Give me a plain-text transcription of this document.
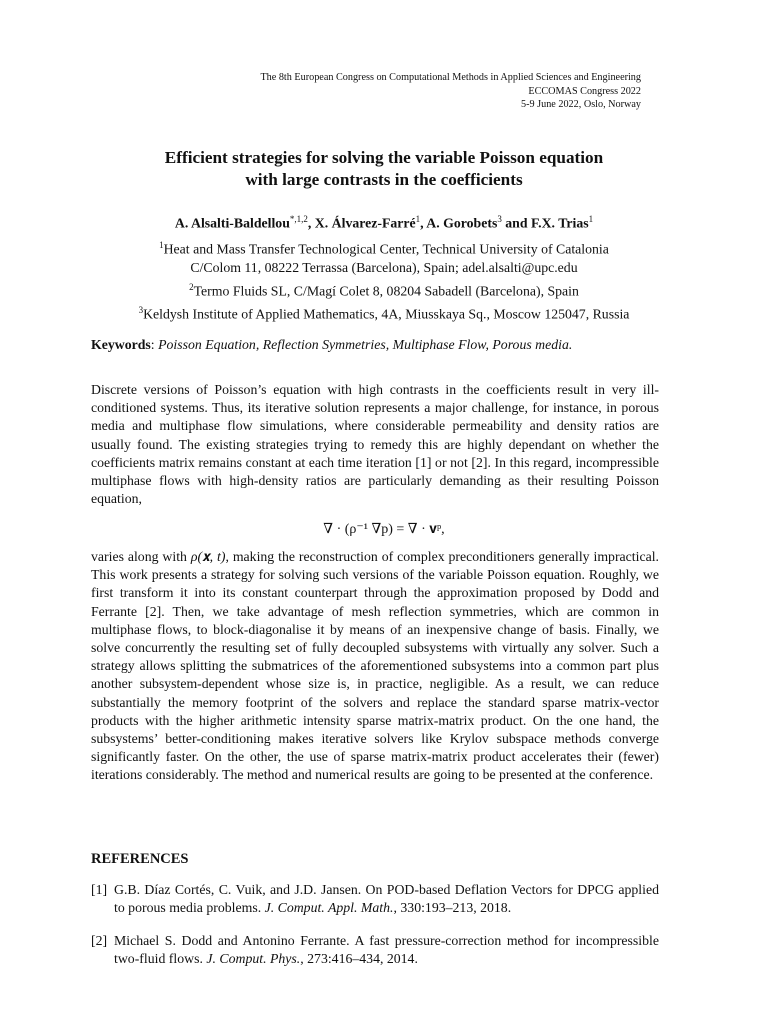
The 8th European Congress on Computational Methods in Applied Sciences and Engineering
ECCOMAS Congress 2022
5-9 June 2022, Oslo, Norway
Efficient strategies for solving the variable Poisson equation
with large contrasts in the coefficients
A. Alsalti-Baldellou$^{*,1,2}$, X. Álvarez-Farré$^1$, A. Gorobets$^3$ and F.X. Trias$^1$
$^1$Heat and Mass Transfer Technological Center, Technical University of Catalonia
C/Colom 11, 08222 Terrassa (Barcelona), Spain; adel.alsalti@upc.edu
$^2$Termo Fluids SL, C/Magí Colet 8, 08204 Sabadell (Barcelona), Spain
$^3$Keldysh Institute of Applied Mathematics, 4A, Miusskaya Sq., Moscow 125047, Russia
Keywords: Poisson Equation, Reflection Symmetries, Multiphase Flow, Porous media.
Discrete versions of Poisson’s equation with high contrasts in the coefficients result in very ill-conditioned systems. Thus, its iterative solution represents a major challenge, for instance, in porous media and multiphase flow simulations, where considerable permeability and density ratios are usually found. The existing strategies trying to remedy this are highly dependant on whether the coefficients matrix remains constant at each time iteration [1] or not [2]. In this regard, incompressible multiphase flows with high-density ratios are particularly demanding as their resulting Poisson equation,
∇ · (ρ⁻¹ ∇p) = ∇ · 𝐯ᵖ,
varies along with ρ(𝐱, t), making the reconstruction of complex preconditioners generally impractical. This work presents a strategy for solving such versions of the variable Poisson equation. Roughly, we first transform it into its constant counterpart through the approximation proposed by Dodd and Ferrante [2]. Then, we take advantage of mesh reflection symmetries, which are common in multiphase flows, to block-diagonalise it by means of an inexpensive change of basis. Finally, we solve concurrently the resulting set of fully decoupled subsystems with virtually any solver. Such a strategy allows splitting the submatrices of the aforementioned subsystems into a common part plus another subsystem-dependent whose size is, in practice, negligible. As a result, we can reduce substantially the memory footprint of the solvers and replace the standard sparse matrix-vector products with the higher arithmetic intensity sparse matrix-matrix product. On the one hand, the subsystems’ better-conditioning makes iterative solvers like Krylov subspace methods converge significantly faster. On the other, the use of sparse matrix-matrix product accelerates their (fewer) iterations considerably. The method and numerical results are going to be presented at the conference.
REFERENCES
[1] G.B. Díaz Cortés, C. Vuik, and J.D. Jansen. On POD-based Deflation Vectors for DPCG applied to porous media problems. J. Comput. Appl. Math., 330:193–213, 2018.
[2] Michael S. Dodd and Antonino Ferrante. A fast pressure-correction method for incompressible two-fluid flows. J. Comput. Phys., 273:416–434, 2014.
